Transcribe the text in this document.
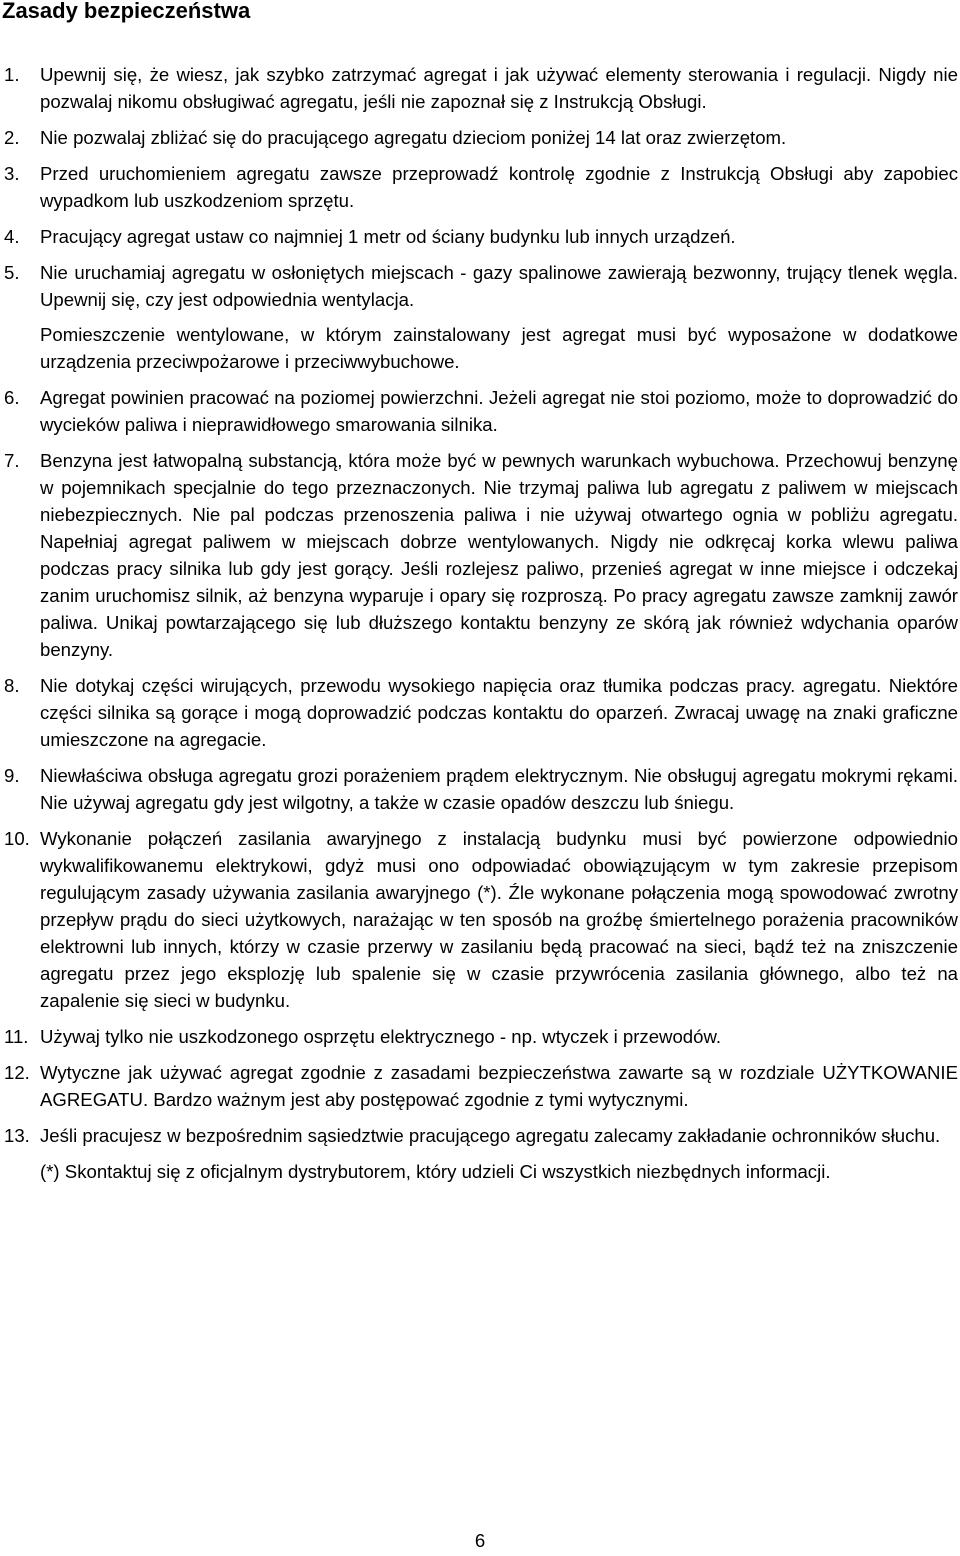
Zasady bezpieczeństwa
1.	Upewnij się, że wiesz, jak szybko zatrzymać agregat i jak używać elementy sterowania i regulacji. Nigdy nie pozwalaj nikomu obsługiwać agregatu, jeśli nie zapoznał się z Instrukcją Obsługi.
2.	Nie pozwalaj zbliżać się do pracującego agregatu dzieciom poniżej 14 lat oraz zwierzętom.
3.	Przed uruchomieniem agregatu zawsze przeprowadź kontrolę zgodnie z Instrukcją Obsługi aby zapobiec wypadkom lub uszkodzeniom sprzętu.
4.	Pracujący agregat ustaw co najmniej 1 metr od ściany budynku lub innych urządzeń.
5.	Nie uruchamiaj agregatu w osłoniętych miejscach - gazy spalinowe zawierają bezwonny, trujący tlenek węgla. Upewnij się, czy jest odpowiednia wentylacja.
Pomieszczenie wentylowane, w którym zainstalowany jest agregat musi być wyposażone w dodatkowe urządzenia przeciwpożarowe i przeciwwybuchowe.
6.	Agregat powinien pracować na poziomej powierzchni. Jeżeli agregat nie stoi poziomo, może to doprowadzić do wycieków paliwa i nieprawidłowego smarowania silnika.
7.	Benzyna jest łatwopalną substancją, która może być w pewnych warunkach wybuchowa. Przechowuj benzynę w pojemnikach specjalnie do tego przeznaczonych. Nie trzymaj paliwa lub agregatu z paliwem w miejscach niebezpiecznych. Nie pal podczas przenoszenia paliwa i nie używaj otwartego ognia w pobliżu agregatu. Napełniaj agregat paliwem w miejscach dobrze wentylowanych. Nigdy nie odkręcaj korka wlewu paliwa podczas pracy silnika lub gdy jest gorący. Jeśli rozlejesz paliwo, przenieś agregat w inne miejsce i odczekaj zanim uruchomisz silnik, aż benzyna wyparuje i opary się rozproszą. Po pracy agregatu zawsze zamknij zawór paliwa. Unikaj powtarzającego się lub dłuższego kontaktu benzyny ze skórą jak również wdychania oparów benzyny.
8.	Nie dotykaj części wirujących, przewodu wysokiego napięcia oraz tłumika podczas pracy. agregatu. Niektóre części silnika są gorące i mogą doprowadzić podczas kontaktu do oparzeń. Zwracaj uwagę na znaki graficzne umieszczone na agregacie.
9.	Niewłaściwa obsługa agregatu grozi porażeniem prądem elektrycznym. Nie obsługuj agregatu mokrymi rękami. Nie używaj agregatu gdy jest wilgotny, a także w czasie opadów deszczu lub śniegu.
10. Wykonanie połączeń zasilania awaryjnego z instalacją budynku musi być powierzone odpowiednio wykwalifikowanemu elektrykowi, gdyż musi ono odpowiadać obowiązującym w tym zakresie przepisom regulującym zasady używania zasilania awaryjnego (*). Źle wykonane połączenia mogą spowodować zwrotny przepływ prądu do sieci użytkowych, narażając w ten sposób na groźbę śmiertelnego porażenia pracowników elektrowni lub innych, którzy w czasie przerwy w zasilaniu będą pracować na sieci, bądź też na zniszczenie agregatu przez jego eksplozję lub spalenie się w czasie przywrócenia zasilania głównego, albo też na zapalenie się sieci w budynku.
11. Używaj tylko nie uszkodzonego osprzętu elektrycznego - np. wtyczek i przewodów.
12. Wytyczne jak używać agregat zgodnie z zasadami bezpieczeństwa zawarte są w rozdziale UŻYTKOWANIE AGREGATU. Bardzo ważnym jest aby postępować zgodnie z tymi wytycznymi.
13. Jeśli pracujesz w bezpośrednim sąsiedztwie pracującego agregatu zalecamy zakładanie ochronników słuchu.
(*) Skontaktuj się z oficjalnym dystrybutorem, który udzieli Ci wszystkich niezbędnych informacji.
6
